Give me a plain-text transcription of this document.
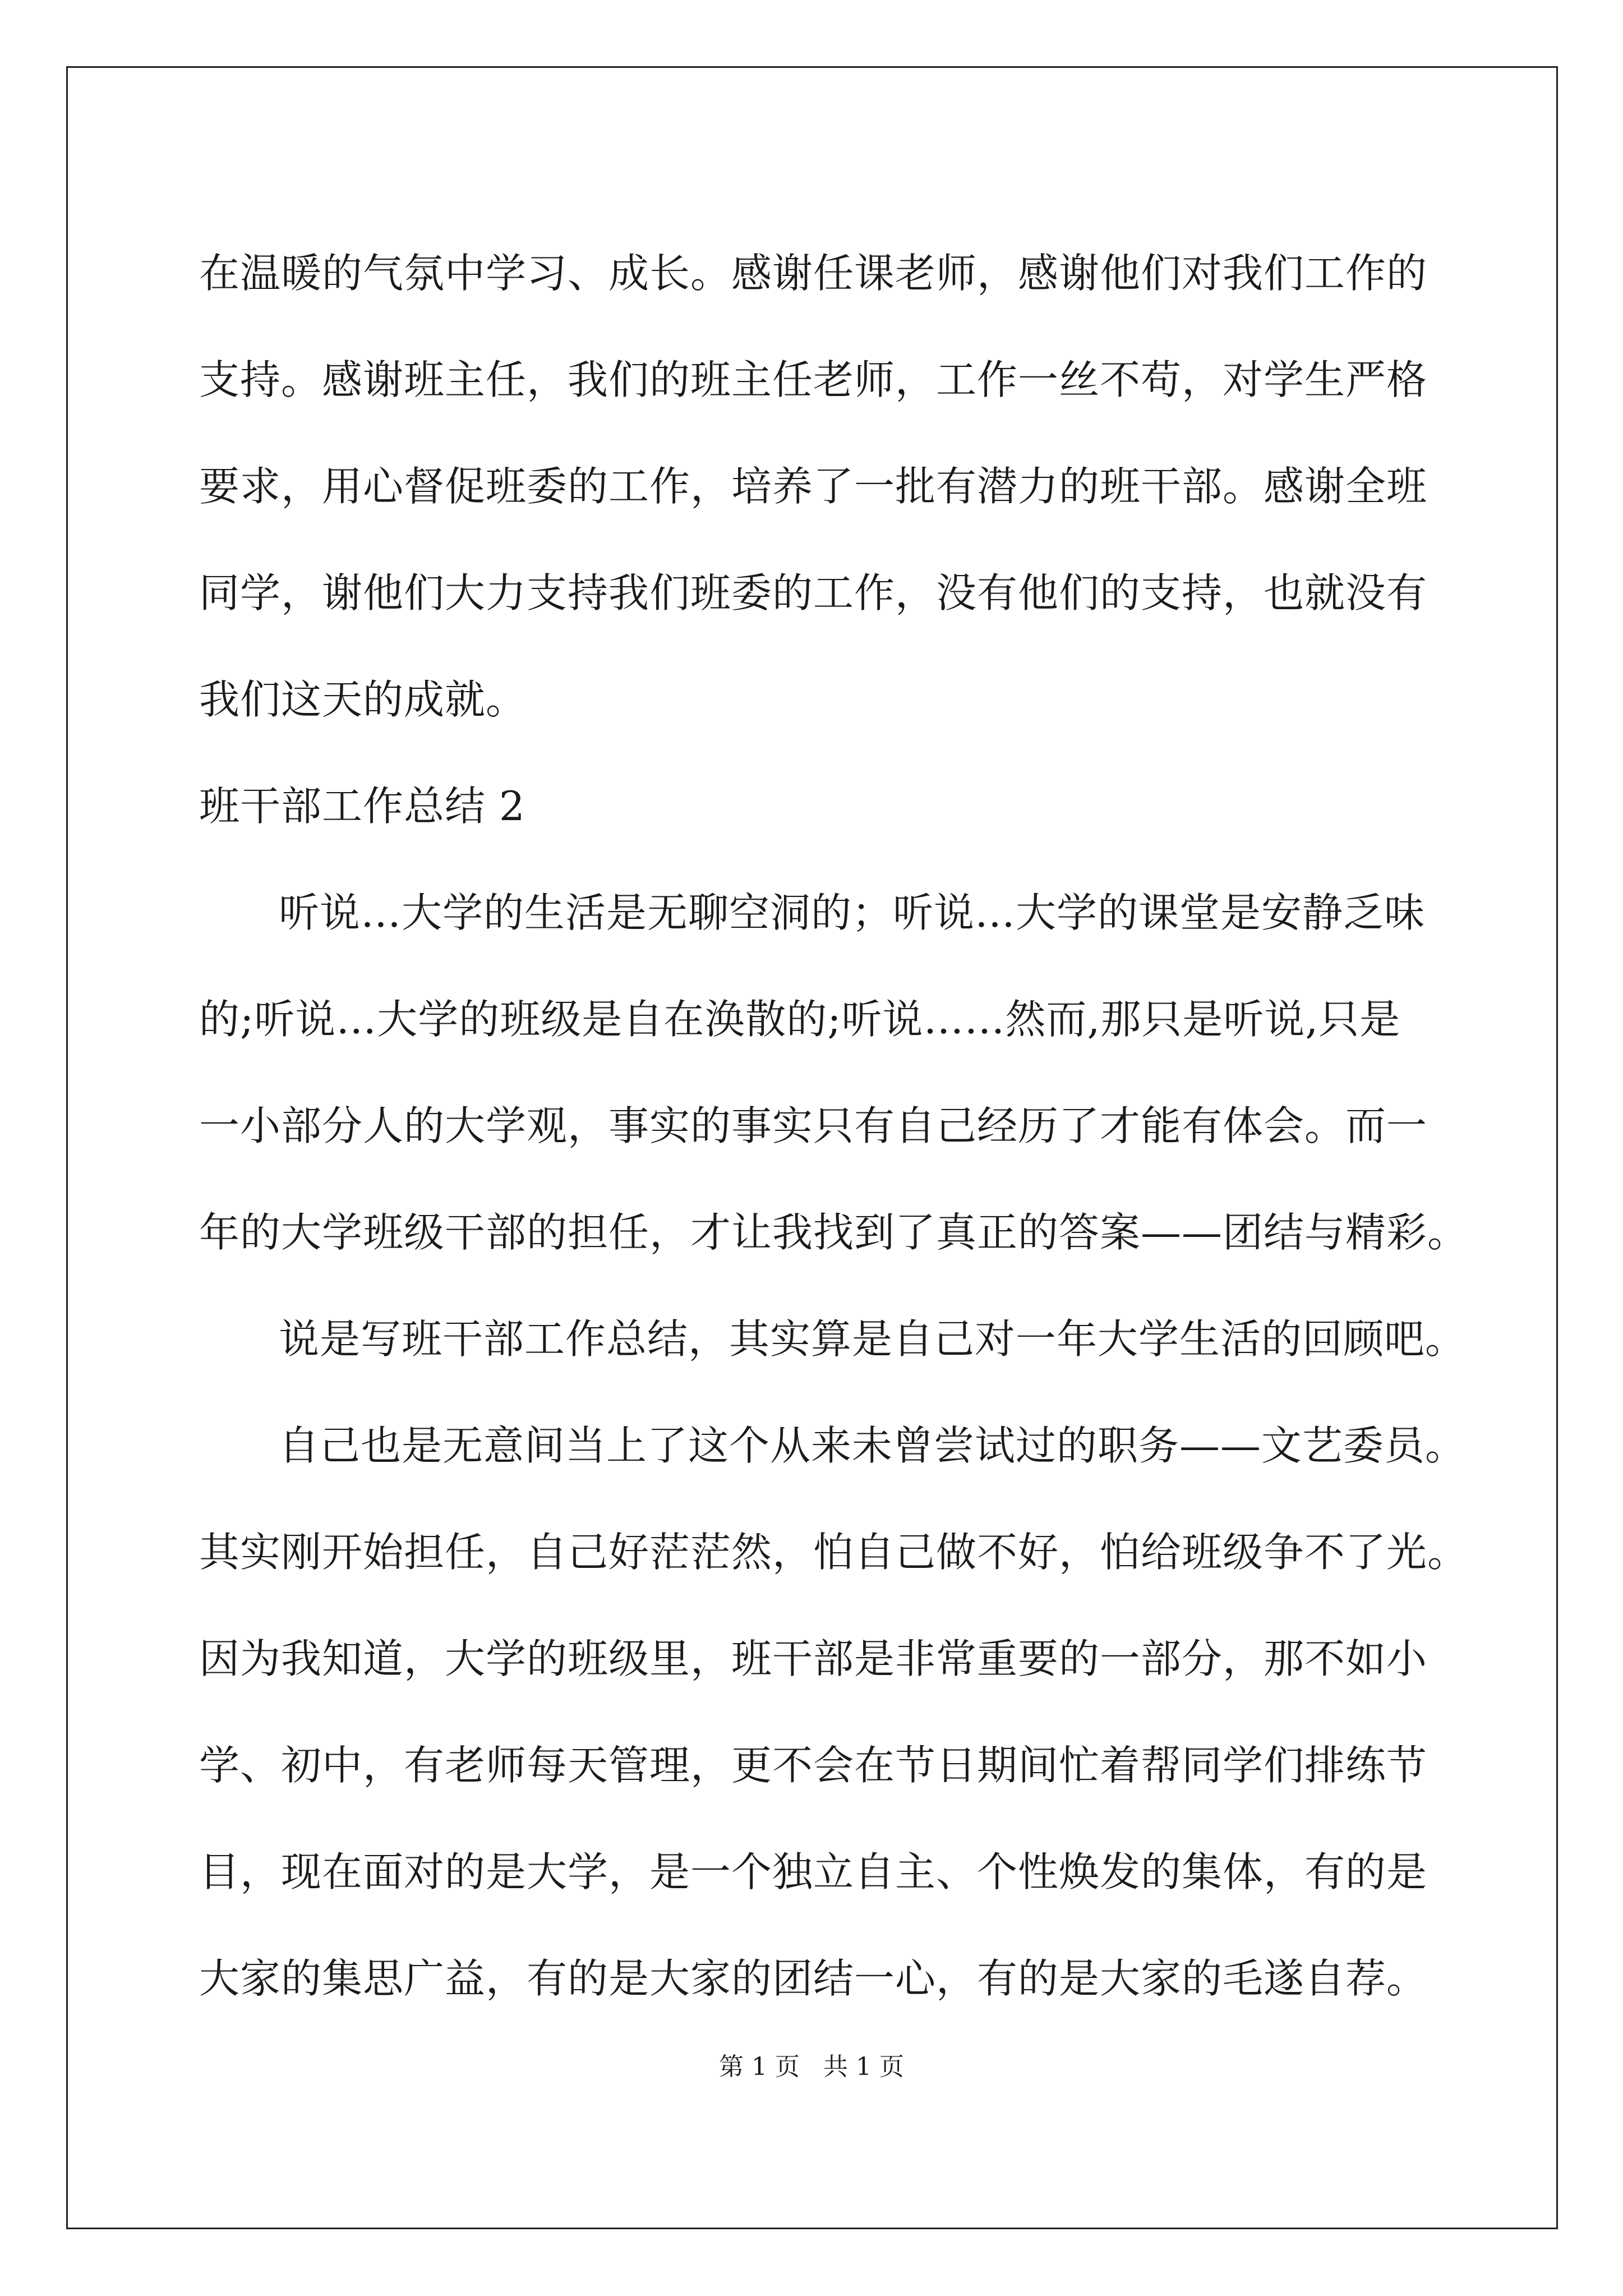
在温暖的气氛中学习、成长。感谢任课老师，感谢他们对我们工作的
支持。感谢班主任，我们的班主任老师，工作一丝不苟，对学生严格
要求，用心督促班委的工作，培养了一批有潜力的班干部。感谢全班
同学，谢他们大力支持我们班委的工作，没有他们的支持，也就没有
我们这天的成就。
班干部工作总结 2
听说…大学的生活是无聊空洞的；听说…大学的课堂是安静乏味
的;听说…大学的班级是自在涣散的;听说……然而,那只是听说,只是
一小部分人的大学观，事实的事实只有自己经历了才能有体会。而一
年的大学班级干部的担任，才让我找到了真正的答案——团结与精彩。
说是写班干部工作总结，其实算是自己对一年大学生活的回顾吧。
自己也是无意间当上了这个从来未曾尝试过的职务——文艺委员。
其实刚开始担任，自己好茫茫然，怕自己做不好，怕给班级争不了光。
因为我知道，大学的班级里，班干部是非常重要的一部分，那不如小
学、初中，有老师每天管理，更不会在节日期间忙着帮同学们排练节
目，现在面对的是大学，是一个独立自主、个性焕发的集体，有的是
大家的集思广益，有的是大家的团结一心，有的是大家的毛遂自荐。
第 1 页   共 1 页
